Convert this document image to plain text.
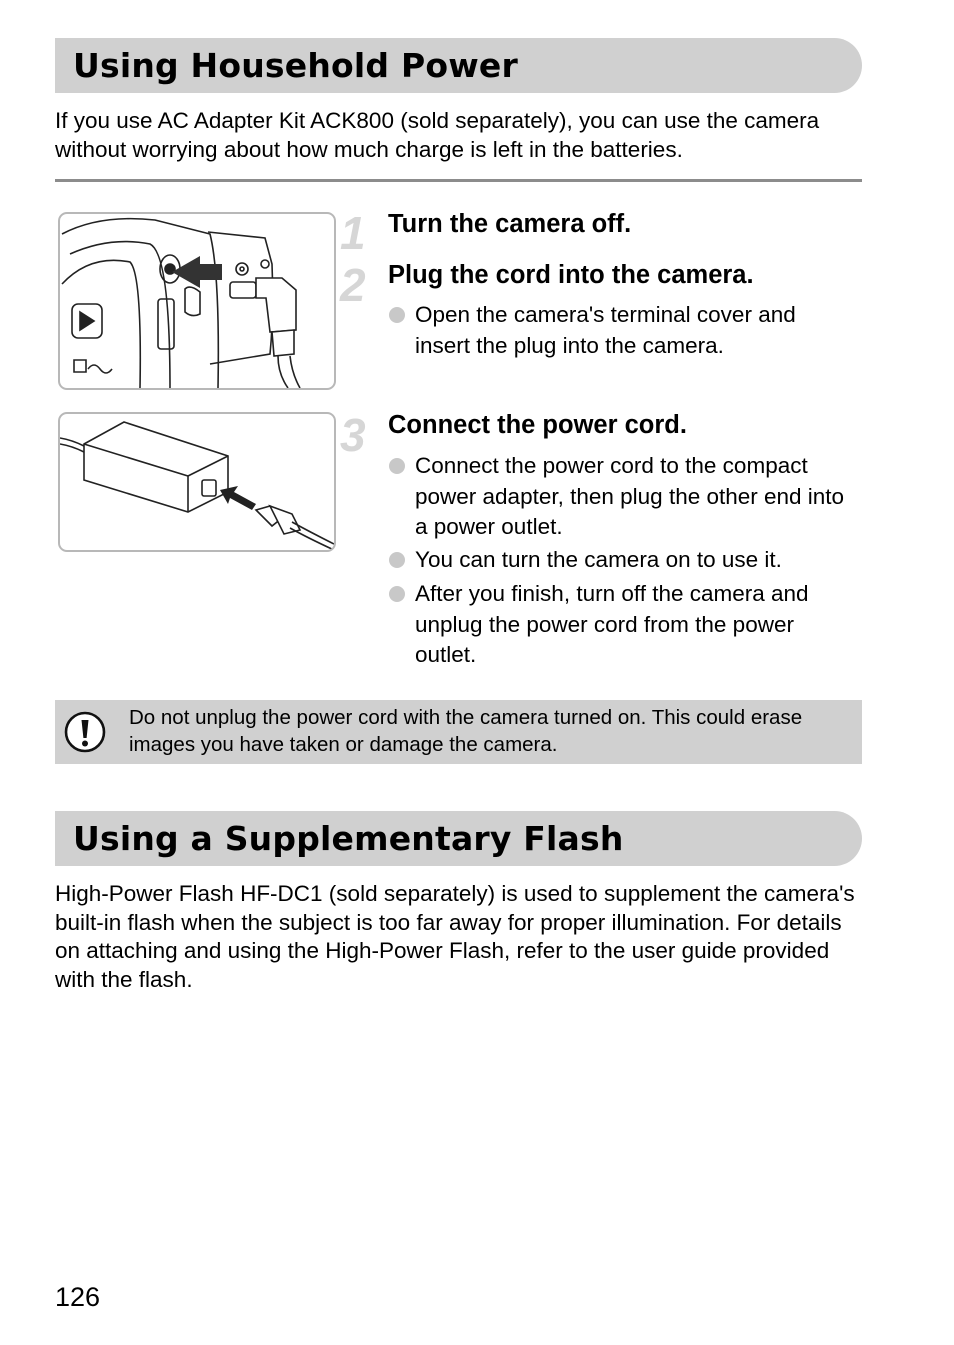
Using Household Power

If you use AC Adapter Kit ACK800 (sold separately), you can use the camera without worrying about how much charge is left in the batteries.

1 Turn the camera off.
2 Plug the cord into the camera.
Open the camera's terminal cover and insert the plug into the camera.
3 Connect the power cord.
Connect the power cord to the compact power adapter, then plug the other end into a power outlet.
You can turn the camera on to use it.
After you finish, turn off the camera and unplug the power cord from the power outlet.

Do not unplug the power cord with the camera turned on. This could erase images you have taken or damage the camera.

Using a Supplementary Flash

High-Power Flash HF-DC1 (sold separately) is used to supplement the camera's built-in flash when the subject is too far away for proper illumination. For details on attaching and using the High-Power Flash, refer to the user guide provided with the flash.

126
